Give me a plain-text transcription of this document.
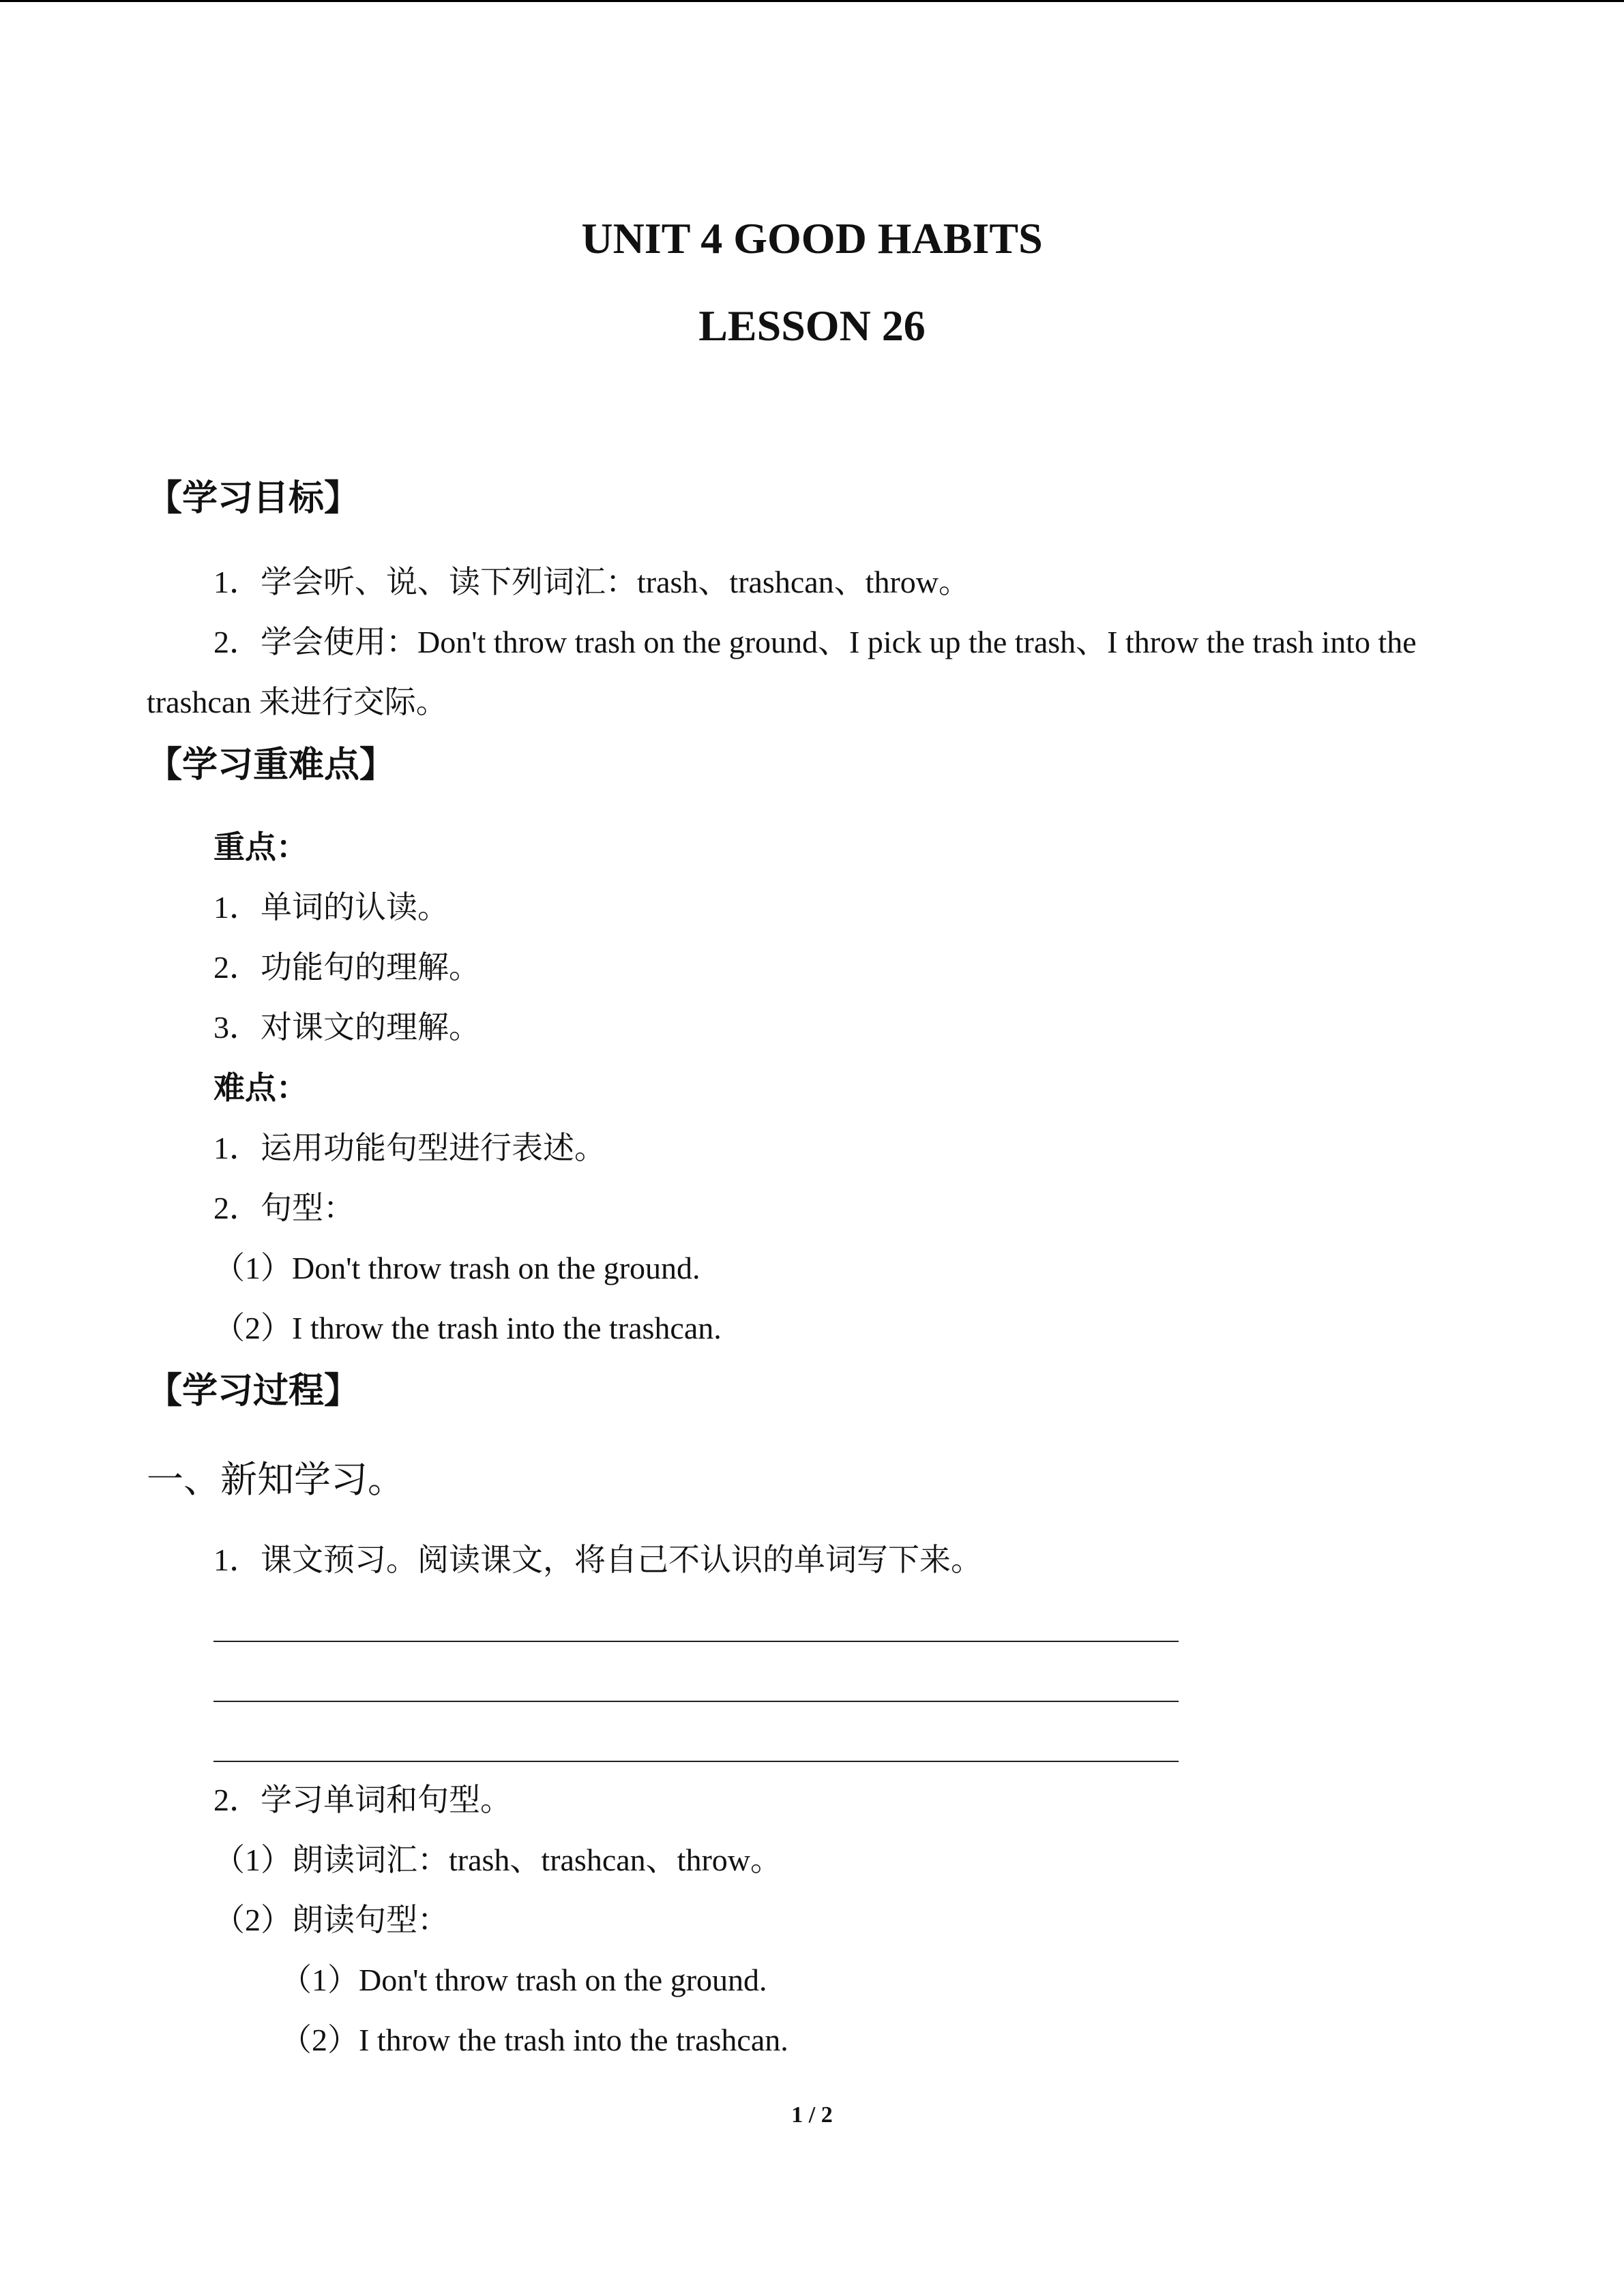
UNIT 4 GOOD HABITS
LESSON 26
【学习目标】
1．学会听、说、读下列词汇：trash、trashcan、throw。
2．学会使用：Don't throw trash on the ground、I pick up the trash、I throw the trash into the
trashcan 来进行交际。
【学习重难点】
重点：
1．单词的认读。
2．功能句的理解。
3．对课文的理解。
难点：
1．运用功能句型进行表述。
2．句型：
（1）Don't throw trash on the ground.
（2）I throw the trash into the trashcan.
【学习过程】
一、新知学习。
1．课文预习。阅读课文，将自己不认识的单词写下来。
2．学习单词和句型。
（1）朗读词汇：trash、trashcan、throw。
（2）朗读句型：
（1）Don't throw trash on the ground.
（2）I throw the trash into the trashcan.
1 / 2
